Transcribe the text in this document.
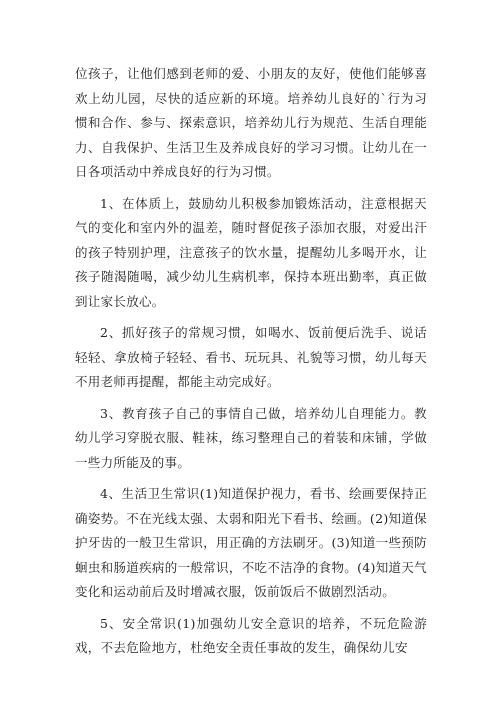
位孩子，让他们感到老师的爱、小朋友的友好，使他们能够喜欢上幼儿园，尽快的适应新的环境。培养幼儿良好的`行为习惯和合作、参与、探索意识，培养幼儿行为规范、生活自理能力、自我保护、生活卫生及养成良好的学习习惯。让幼儿在一日各项活动中养成良好的行为习惯。

1、在体质上，鼓励幼儿积极参加锻炼活动，注意根据天气的变化和室内外的温差，随时督促孩子添加衣服，对爱出汗的孩子特别护理，注意孩子的饮水量，提醒幼儿多喝开水，让孩子随渴随喝，减少幼儿生病机率，保持本班出勤率，真正做到让家长放心。

2、抓好孩子的常规习惯，如喝水、饭前便后洗手、说话轻轻、拿放椅子轻轻、看书、玩玩具、礼貌等习惯，幼儿每天不用老师再提醒，都能主动完成好。

3、教育孩子自己的事情自己做，培养幼儿自理能力。教幼儿学习穿脱衣服、鞋袜，练习整理自己的着装和床铺，学做一些力所能及的事。

4、生活卫生常识(1)知道保护视力，看书、绘画要保持正确姿势。不在光线太强、太弱和阳光下看书、绘画。(2)知道保护牙齿的一般卫生常识，用正确的方法刷牙。(3)知道一些预防蛔虫和肠道疾病的一般常识，不吃不洁净的食物。(4)知道天气变化和运动前后及时增减衣服，饭前饭后不做剧烈活动。

5、安全常识(1)加强幼儿安全意识的培养，不玩危险游戏，不去危险地方，杜绝安全责任事故的发生，确保幼儿安
